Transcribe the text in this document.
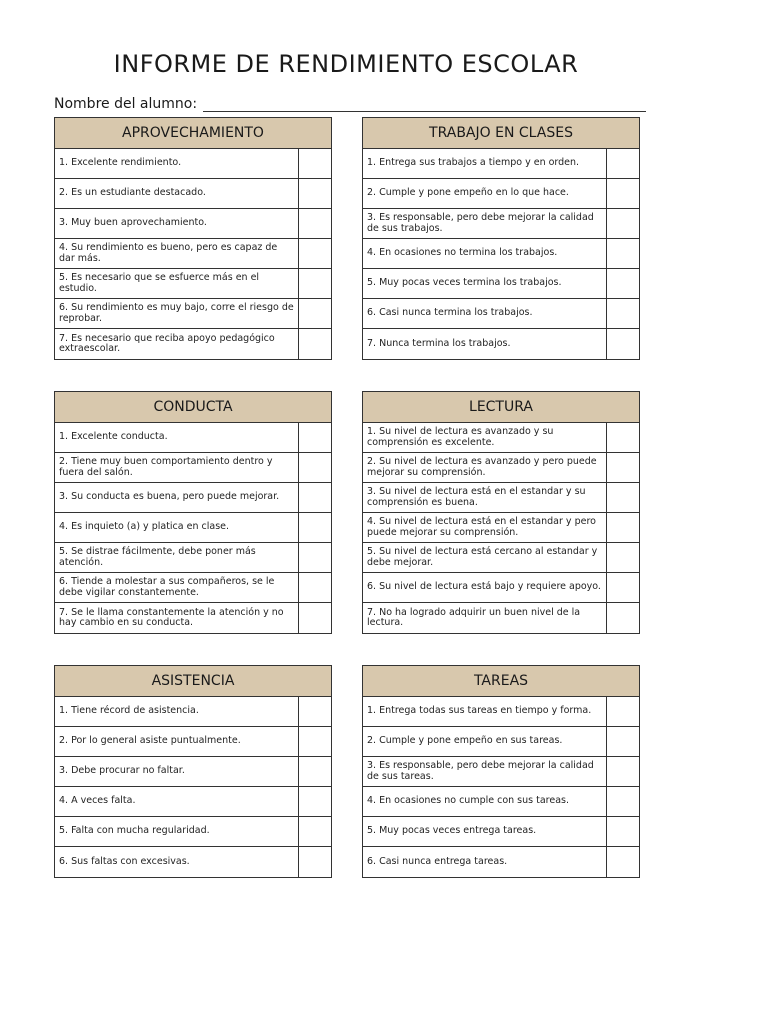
INFORME DE RENDIMIENTO ESCOLAR
Nombre del alumno:
APROVECHAMIENTO
1. Excelente rendimiento.
2. Es un estudiante destacado.
3. Muy buen aprovechamiento.
4. Su rendimiento es bueno, pero es capaz de dar más.
5. Es necesario que se esfuerce más en el estudio.
6. Su rendimiento es muy bajo, corre el riesgo de reprobar.
7. Es necesario que reciba apoyo pedagógico extraescolar.
TRABAJO EN CLASES
1. Entrega sus trabajos a tiempo y en orden.
2. Cumple y pone empeño en lo que hace.
3. Es responsable, pero debe mejorar la calidad de sus trabajos.
4. En ocasiones no termina los trabajos.
5. Muy pocas veces termina los trabajos.
6. Casi nunca termina los trabajos.
7. Nunca termina los trabajos.
CONDUCTA
1. Excelente conducta.
2. Tiene muy buen comportamiento dentro y fuera del salón.
3. Su conducta es buena, pero puede mejorar.
4. Es inquieto (a) y platica en clase.
5. Se distrae fácilmente, debe poner más atención.
6. Tiende a molestar a sus compañeros, se le debe vigilar constantemente.
7. Se le llama constantemente la atención y no hay cambio en su conducta.
LECTURA
1. Su nivel de lectura es avanzado y su comprensión es excelente.
2. Su nivel de lectura es avanzado y pero puede mejorar su comprensión.
3. Su nivel de lectura está en el estandar y su comprensión es buena.
4. Su nivel de lectura está en el estandar y pero puede mejorar su comprensión.
5. Su nivel de lectura está cercano al estandar y debe mejorar.
6. Su nivel de lectura está bajo y requiere apoyo.
7. No ha logrado adquirir un buen nivel de la lectura.
ASISTENCIA
1. Tiene récord de asistencia.
2. Por lo general asiste puntualmente.
3. Debe procurar no faltar.
4. A veces falta.
5. Falta con mucha regularidad.
6. Sus faltas con excesivas.
TAREAS
1. Entrega todas sus tareas en tiempo y forma.
2. Cumple y pone empeño en sus tareas.
3. Es responsable, pero debe mejorar la calidad de sus tareas.
4. En ocasiones no cumple con sus tareas.
5. Muy pocas veces entrega tareas.
6. Casi nunca entrega tareas.
